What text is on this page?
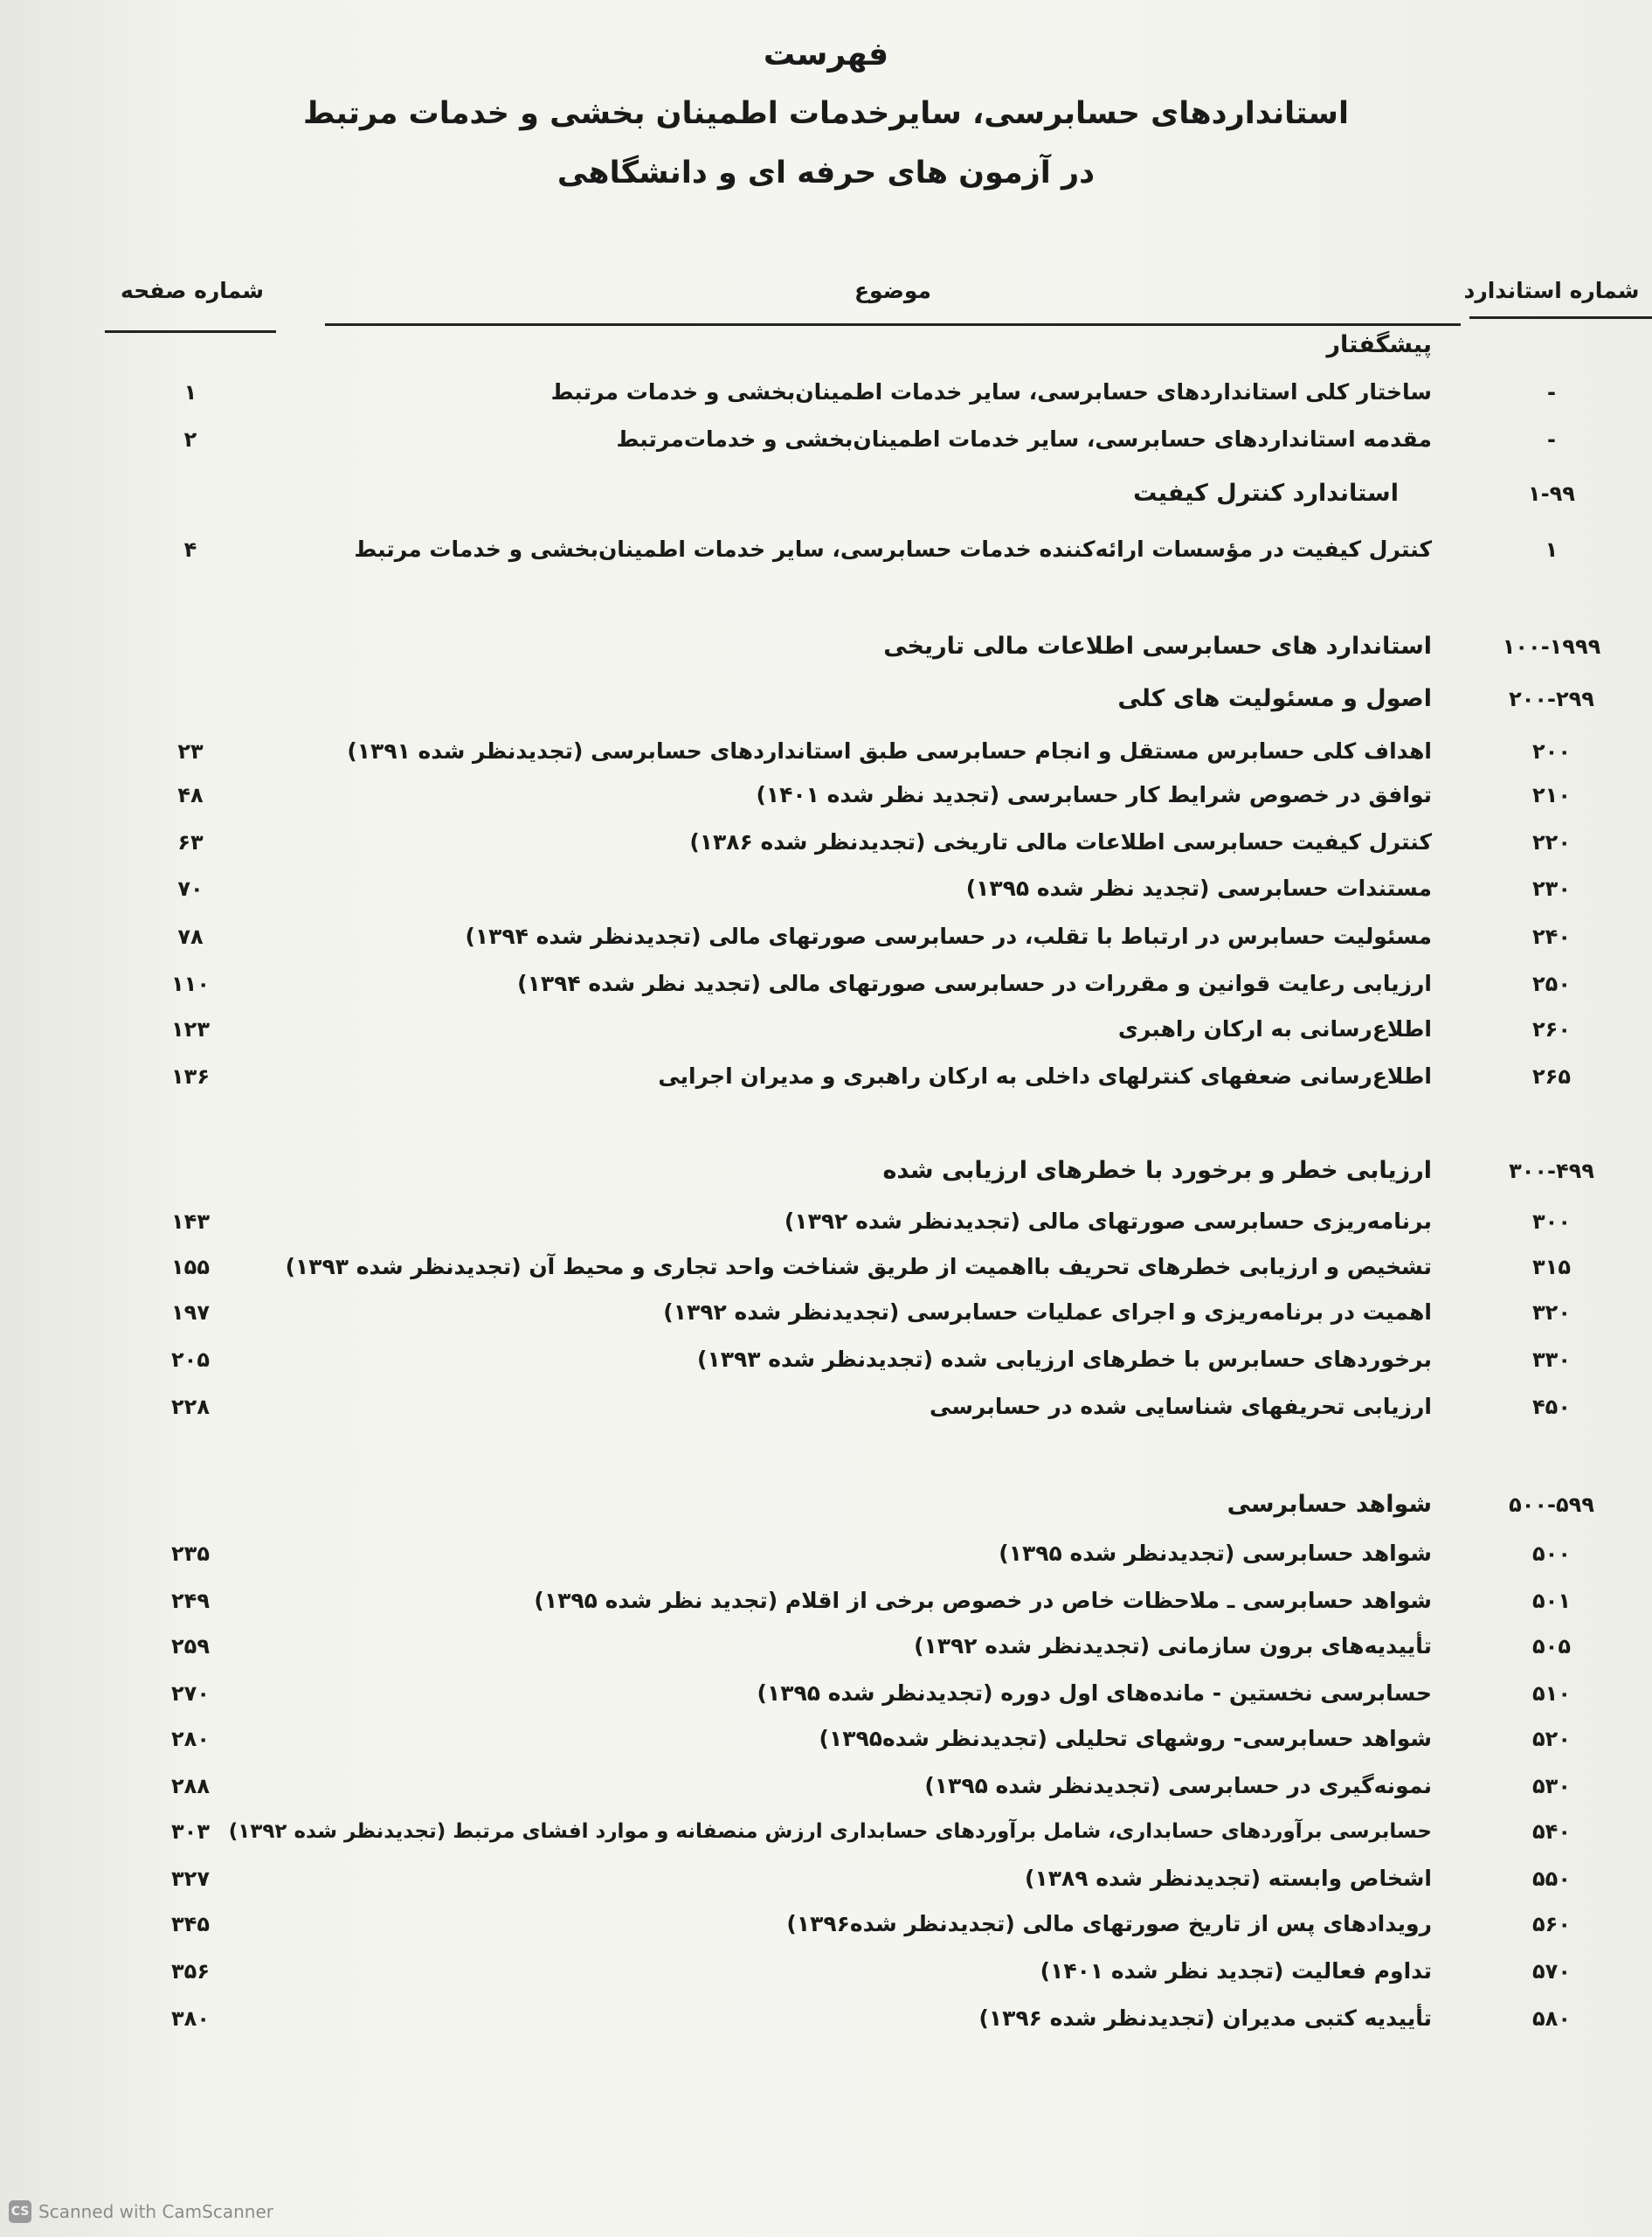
فهرست
استانداردهای حسابرسی، سایرخدمات اطمینان بخشی و خدمات مرتبط
در آزمون های حرفه ای و دانشگاهی
شماره استاندارد
موضوع
شماره صفحه
پیشگفتار
-
ساختار کلی استانداردهای حسابرسی، سایر خدمات اطمینان‌بخشی و خدمات مرتبط
۱
-
مقدمه استانداردهای حسابرسی، سایر خدمات اطمینان‌بخشی و خدمات‌مرتبط
۲
۱-۹۹
استاندارد کنترل کیفیت
۱
کنترل کیفیت در مؤسسات ارائه‌کننده خدمات حسابرسی، سایر خدمات اطمینان‌بخشی و خدمات مرتبط
۴
۱۰۰-۱۹۹۹
استاندارد های حسابرسی اطلاعات مالی تاریخی
۲۰۰-۲۹۹
اصول و مسئولیت های کلی
۲۰۰
اهداف کلی حسابرس مستقل و انجام حسابرسی طبق استانداردهای حسابرسی (تجدیدنظر شده ۱۳۹۱)
۲۳
۲۱۰
توافق در خصوص شرایط کار حسابرسی (تجدید نظر شده ۱۴۰۱)
۴۸
۲۲۰
کنترل کیفیت حسابرسی اطلاعات مالی تاریخی (تجدیدنظر شده ۱۳۸۶)
۶۳
۲۳۰
مستندات حسابرسی (تجدید نظر شده ۱۳۹۵)
۷۰
۲۴۰
مسئولیت حسابرس در ارتباط با تقلب، در حسابرسی صورتهای مالی (تجدیدنظر شده ۱۳۹۴)
۷۸
۲۵۰
ارزیابی رعایت قوانین و مقررات در حسابرسی صورتهای مالی (تجدید نظر شده ۱۳۹۴)
۱۱۰
۲۶۰
اطلاع‌رسانی به ارکان راهبری
۱۲۳
۲۶۵
اطلاع‌رسانی ضعفهای کنترلهای داخلی به ارکان راهبری و مدیران اجرایی
۱۳۶
۳۰۰-۴۹۹
ارزیابی خطر و برخورد با خطرهای ارزیابی شده
۳۰۰
برنامه‌ریزی حسابرسی صورتهای مالی (تجدیدنظر شده ۱۳۹۲)
۱۴۳
۳۱۵
تشخیص و ارزیابی خطرهای تحریف بااهمیت از طریق شناخت واحد تجاری و محیط آن (تجدیدنظر شده ۱۳۹۳)
۱۵۵
۳۲۰
اهمیت در برنامه‌ریزی و اجرای عملیات حسابرسی (تجدیدنظر شده ۱۳۹۲)
۱۹۷
۳۳۰
برخوردهای حسابرس با خطرهای ارزیابی شده (تجدیدنظر شده ۱۳۹۳)
۲۰۵
۴۵۰
ارزیابی تحریفهای شناسایی شده در حسابرسی
۲۲۸
۵۰۰-۵۹۹
شواهد حسابرسی
۵۰۰
شواهد حسابرسی (تجدیدنظر شده ۱۳۹۵)
۲۳۵
۵۰۱
شواهد حسابرسی ـ ملاحظات خاص در خصوص برخی از اقلام (تجدید نظر شده ۱۳۹۵)
۲۴۹
۵۰۵
تأییدیه‌های برون سازمانی (تجدیدنظر شده ۱۳۹۲)
۲۵۹
۵۱۰
حسابرسی نخستین - مانده‌های اول دوره (تجدیدنظر شده ۱۳۹۵)
۲۷۰
۵۲۰
شواهد حسابرسی- روشهای تحلیلی (تجدیدنظر شده۱۳۹۵)
۲۸۰
۵۳۰
نمونه‌گیری در حسابرسی (تجدیدنظر شده ۱۳۹۵)
۲۸۸
۵۴۰
حسابرسی برآوردهای حسابداری، شامل برآوردهای حسابداری ارزش منصفانه و موارد افشای مرتبط (تجدیدنظر شده ۱۳۹۲)
۳۰۳
۵۵۰
اشخاص وابسته (تجدیدنظر شده ۱۳۸۹)
۳۲۷
۵۶۰
رویدادهای پس از تاریخ صورتهای مالی (تجدیدنظر شده۱۳۹۶)
۳۴۵
۵۷۰
تداوم فعالیت (تجدید نظر شده ۱۴۰۱)
۳۵۶
۵۸۰
تأییدیه کتبی مدیران (تجدیدنظر شده ۱۳۹۶)
۳۸۰
CS Scanned with CamScanner
